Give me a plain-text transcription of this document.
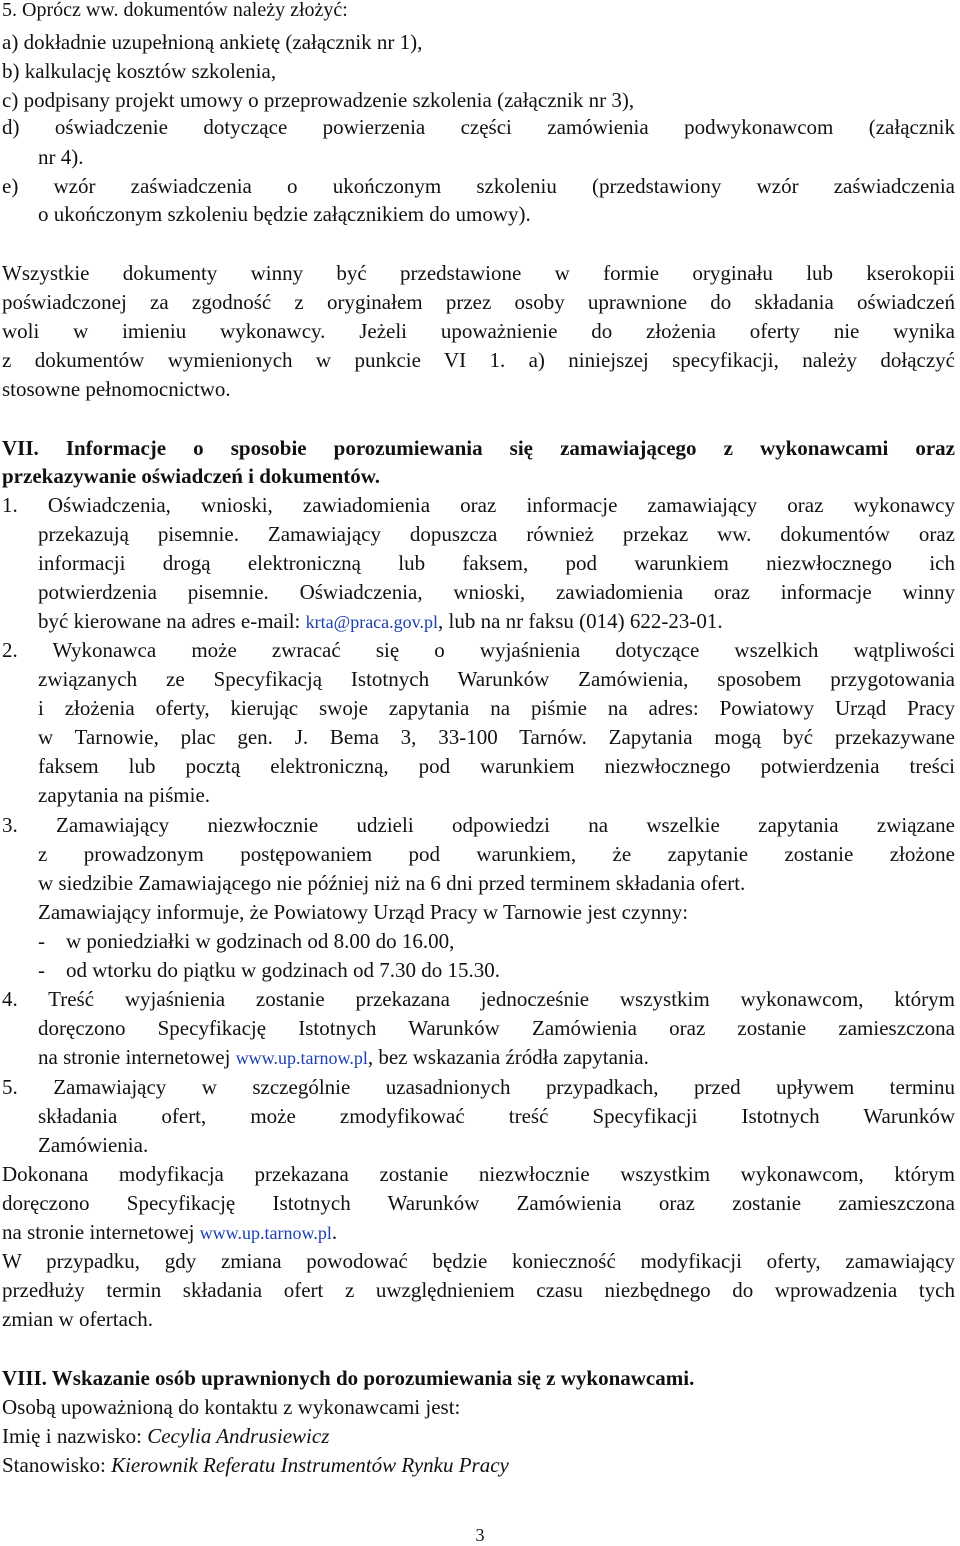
5. Oprócz ww. dokumentów należy złożyć:
a) dokładnie uzupełnioną ankietę (załącznik nr 1),
b) kalkulację kosztów szkolenia,
c) podpisany projekt umowy o przeprowadzenie szkolenia (załącznik nr 3),
d) oświadczenie dotyczące powierzenia części zamówienia podwykonawcom (załącznik
nr 4).
e) wzór zaświadczenia o ukończonym szkoleniu (przedstawiony wzór zaświadczenia
o ukończonym szkoleniu będzie załącznikiem do umowy).
Wszystkie dokumenty winny być przedstawione w formie oryginału lub kserokopii
poświadczonej za zgodność z oryginałem przez osoby uprawnione do składania oświadczeń
woli w imieniu wykonawcy. Jeżeli upoważnienie do złożenia oferty nie wynika
z dokumentów wymienionych w punkcie VI 1. a) niniejszej specyfikacji, należy dołączyć
stosowne pełnomocnictwo.
VII. Informacje o sposobie porozumiewania się zamawiającego z wykonawcami oraz
przekazywanie oświadczeń i dokumentów.
1. Oświadczenia, wnioski, zawiadomienia oraz informacje zamawiający oraz wykonawcy
przekazują pisemnie. Zamawiający dopuszcza również przekaz ww. dokumentów oraz
informacji drogą elektroniczną lub faksem, pod warunkiem niezwłocznego ich
potwierdzenia pisemnie. Oświadczenia, wnioski, zawiadomienia oraz informacje winny
być kierowane na adres e-mail: krta@praca.gov.pl, lub na nr faksu (014) 622-23-01.
2. Wykonawca może zwracać się o wyjaśnienia dotyczące wszelkich wątpliwości
związanych ze Specyfikacją Istotnych Warunków Zamówienia, sposobem przygotowania
i złożenia oferty, kierując swoje zapytania na piśmie na adres: Powiatowy Urząd Pracy
w Tarnowie, plac gen. J. Bema 3, 33-100 Tarnów. Zapytania mogą być przekazywane
faksem lub pocztą elektroniczną, pod warunkiem niezwłocznego potwierdzenia treści
zapytania na piśmie.
3. Zamawiający niezwłocznie udzieli odpowiedzi na wszelkie zapytania związane
z prowadzonym postępowaniem pod warunkiem, że zapytanie zostanie złożone
w siedzibie Zamawiającego nie później niż na 6 dni przed terminem składania ofert.
Zamawiający informuje, że Powiatowy Urząd Pracy w Tarnowie jest czynny:
-    w poniedziałki w godzinach od 8.00 do 16.00,
-    od wtorku do piątku w godzinach od 7.30 do 15.30.
4. Treść wyjaśnienia zostanie przekazana jednocześnie wszystkim wykonawcom, którym
doręczono Specyfikację Istotnych Warunków Zamówienia oraz zostanie zamieszczona
na stronie internetowej www.up.tarnow.pl, bez wskazania źródła zapytania.
5. Zamawiający w szczególnie uzasadnionych przypadkach, przed upływem terminu
składania ofert, może zmodyfikować treść Specyfikacji Istotnych Warunków
Zamówienia.
Dokonana modyfikacja przekazana zostanie niezwłocznie wszystkim wykonawcom, którym
doręczono Specyfikację Istotnych Warunków Zamówienia oraz zostanie zamieszczona
na stronie internetowej www.up.tarnow.pl.
W przypadku, gdy zmiana powodować będzie konieczność modyfikacji oferty, zamawiający
przedłuży termin składania ofert z uwzględnieniem czasu niezbędnego do wprowadzenia tych
zmian w ofertach.
VIII. Wskazanie osób uprawnionych do porozumiewania się z wykonawcami.
Osobą upoważnioną do kontaktu z wykonawcami jest:
Imię i nazwisko: Cecylia Andrusiewicz
Stanowisko: Kierownik Referatu Instrumentów Rynku Pracy
3
